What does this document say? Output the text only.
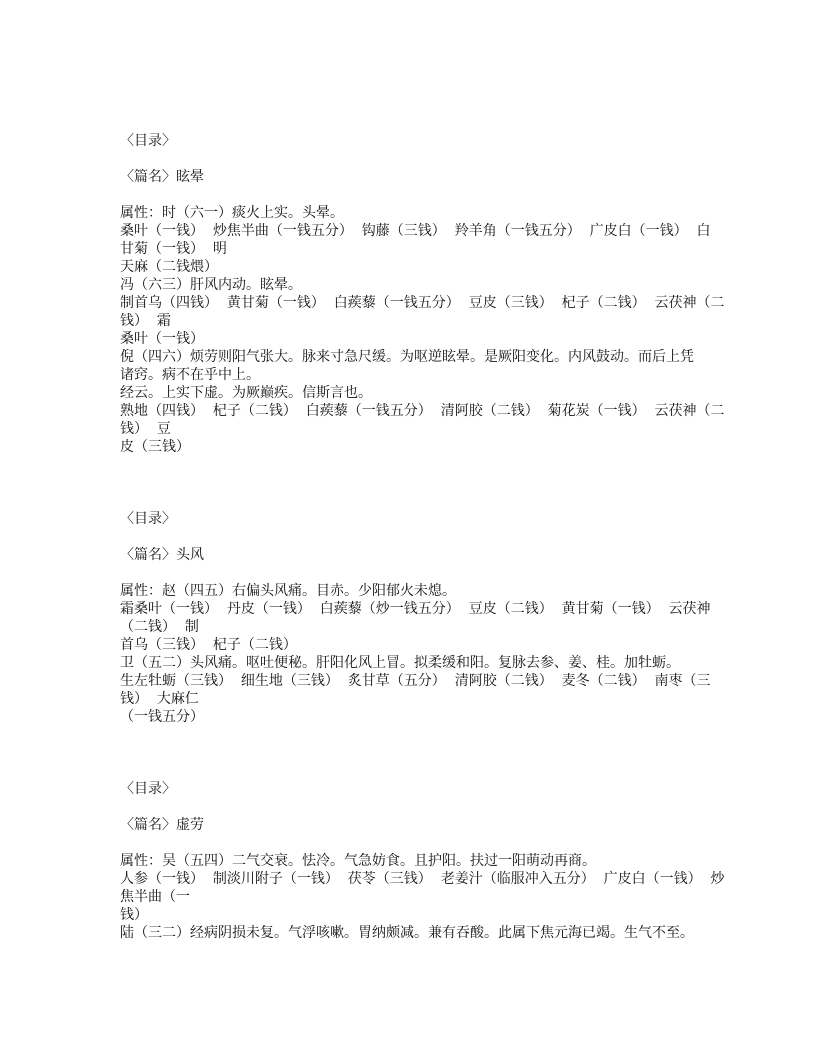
〈目录〉
〈篇名〉眩晕
属性：时（六一）痰火上实。头晕。
桑叶（一钱）  炒焦半曲（一钱五分）  钩藤（三钱）  羚羊角（一钱五分）  广皮白（一钱）  白
甘菊（一钱）  明
天麻（二钱煨）
冯（六三）肝风内动。眩晕。
制首乌（四钱）  黄甘菊（一钱）  白蒺藜（一钱五分）  豆皮（三钱）  杞子（二钱）  云茯神（二
钱）  霜
桑叶（一钱）
倪（四六）烦劳则阳气张大。脉来寸急尺缓。为呕逆眩晕。是厥阳变化。内风鼓动。而后上凭
诸窍。病不在乎中上。
经云。上实下虚。为厥巅疾。信斯言也。
熟地（四钱）  杞子（二钱）  白蒺藜（一钱五分）  清阿胶（二钱）  菊花炭（一钱）  云茯神（二
钱）  豆
皮（三钱）
〈目录〉
〈篇名〉头风
属性：赵（四五）右偏头风痛。目赤。少阳郁火未熄。
霜桑叶（一钱）  丹皮（一钱）  白蒺藜（炒一钱五分）  豆皮（二钱）  黄甘菊（一钱）  云茯神
（二钱）  制
首乌（三钱）  杞子（二钱）
卫（五二）头风痛。呕吐便秘。肝阳化风上冒。拟柔缓和阳。复脉去参、姜、桂。加牡蛎。
生左牡蛎（三钱）  细生地（三钱）  炙甘草（五分）  清阿胶（二钱）  麦冬（二钱）  南枣（三
钱）  大麻仁
（一钱五分）
〈目录〉
〈篇名〉虚劳
属性：吴（五四）二气交衰。怯冷。气急妨食。且护阳。扶过一阳萌动再商。
人参（一钱）  制淡川附子（一钱）  茯苓（三钱）  老姜汁（临服冲入五分）  广皮白（一钱）  炒
焦半曲（一
钱）
陆（三二）经病阴损未复。气浮咳嗽。胃纳颇减。兼有吞酸。此属下焦元海已竭。生气不至。
